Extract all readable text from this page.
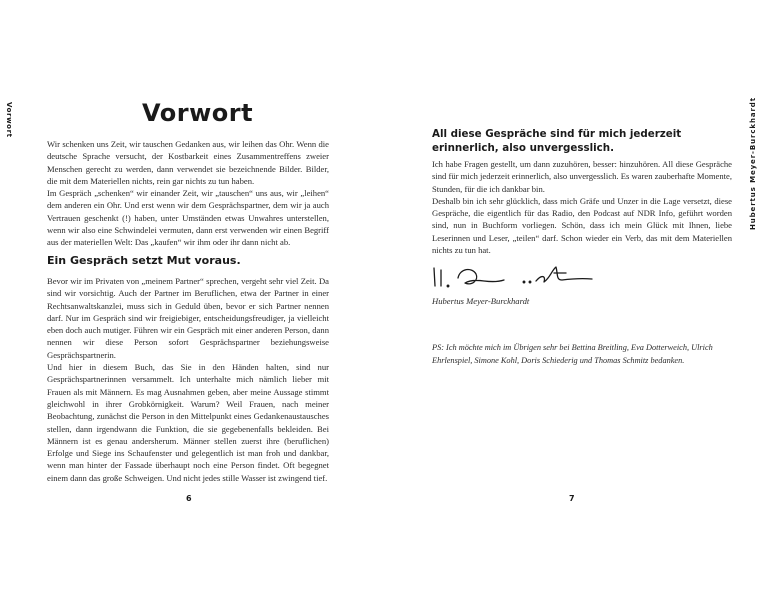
Vorwort	Hubertus Meyer-Burckhardt
Vorwort

Wir schenken uns Zeit, wir tauschen Gedanken aus, wir leihen das Ohr. Wenn die deutsche Sprache versucht, der Kostbarkeit eines Zusammentreffens zweier Menschen gerecht zu werden, dann verwendet sie bezeichnende Bilder. Bilder, die mit dem Materiellen nichts, rein gar nichts zu tun haben.
Im Gespräch „schenken“ wir einander Zeit, wir „tauschen“ uns aus, wir „leihen“ dem anderen ein Ohr. Und erst wenn wir dem Gesprächspartner, dem wir ja auch Vertrauen geschenkt (!) haben, unter Umständen etwas Unwahres unterstellen, wenn wir also eine Schwindelei vermuten, dann erst verwenden wir einen Begriff aus der materiellen Welt: Das „kaufen“ wir ihm oder ihr dann nicht ab.

Ein Gespräch setzt Mut voraus.

Bevor wir im Privaten von „meinem Partner“ sprechen, vergeht sehr viel Zeit. Da sind wir vorsichtig. Auch der Partner im Beruflichen, etwa der Partner in einer Rechtsanwaltskanzlei, muss sich in Geduld üben, bevor er sich Partner nennen darf. Nur im Gespräch sind wir freigiebiger, entscheidungsfreudiger, ja vielleicht eben doch auch mutiger. Führen wir ein Gespräch mit einer anderen Person, dann nennen wir diese Person sofort Gesprächspartner beziehungsweise Gesprächspartnerin.
Und hier in diesem Buch, das Sie in den Händen halten, sind nur Gesprächspartnerinnen versammelt. Ich unterhalte mich nämlich lieber mit Frauen als mit Männern. Es mag Ausnahmen geben, aber meine Aussage stimmt gleichwohl in ihrer Grobkörnigkeit. Warum? Weil Frauen, nach meiner Beobachtung, zunächst die Person in den Mittelpunkt eines Gedankenaustausches stellen, dann irgendwann die Funktion, die sie gegebenenfalls bekleiden. Bei Männern ist es genau andersherum. Männer stellen zuerst ihre (beruflichen) Erfolge und Siege ins Schaufenster und gelegentlich ist man froh und dankbar, wenn man hinter der Fassade überhaupt noch eine Person findet. Oft begegnet einem dann das große Schweigen. Und nicht jedes stille Wasser ist zwingend tief.

6

All diese Gespräche sind für mich jederzeit erinnerlich, also unvergesslich.

Ich habe Fragen gestellt, um dann zuzuhören, besser: hinzuhören. All diese Gespräche sind für mich jederzeit erinnerlich, also unvergesslich. Es waren zauberhafte Momente, Stunden, für die ich dankbar bin.
Deshalb bin ich sehr glücklich, dass mich Gräfe und Unzer in die Lage versetzt, diese Gespräche, die eigentlich für das Radio, den Podcast auf NDR Info, geführt worden sind, nun in Buchform vorliegen. Schön, dass ich mein Glück mit Ihnen, liebe Leserinnen und Leser, „teilen“ darf. Schon wieder ein Verb, das mit dem Materiellen nichts zu tun hat.

Hubertus Meyer-Burckhardt

PS: Ich möchte mich im Übrigen sehr bei Bettina Breitling, Eva Dotterweich, Ulrich Ehrlenspiel, Simone Kohl, Doris Schiederig und Thomas Schmitz bedanken.

7
